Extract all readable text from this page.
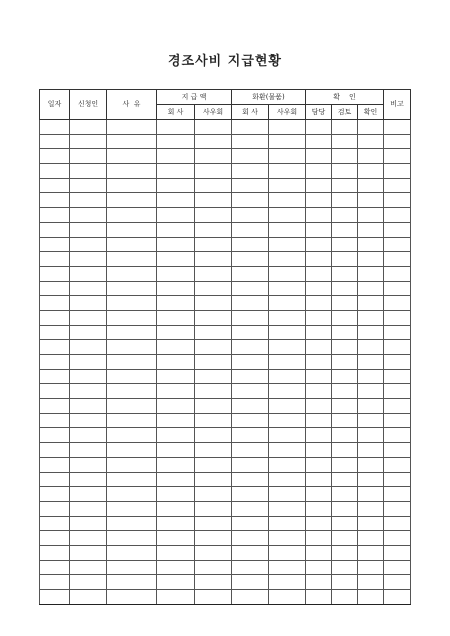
경조사비 지급현황
일자	신청인	사  유	지 급 액		화환(물품)		확    인			비고
			회 사	사우회	회 사	사우회	담당	검토	확인	
